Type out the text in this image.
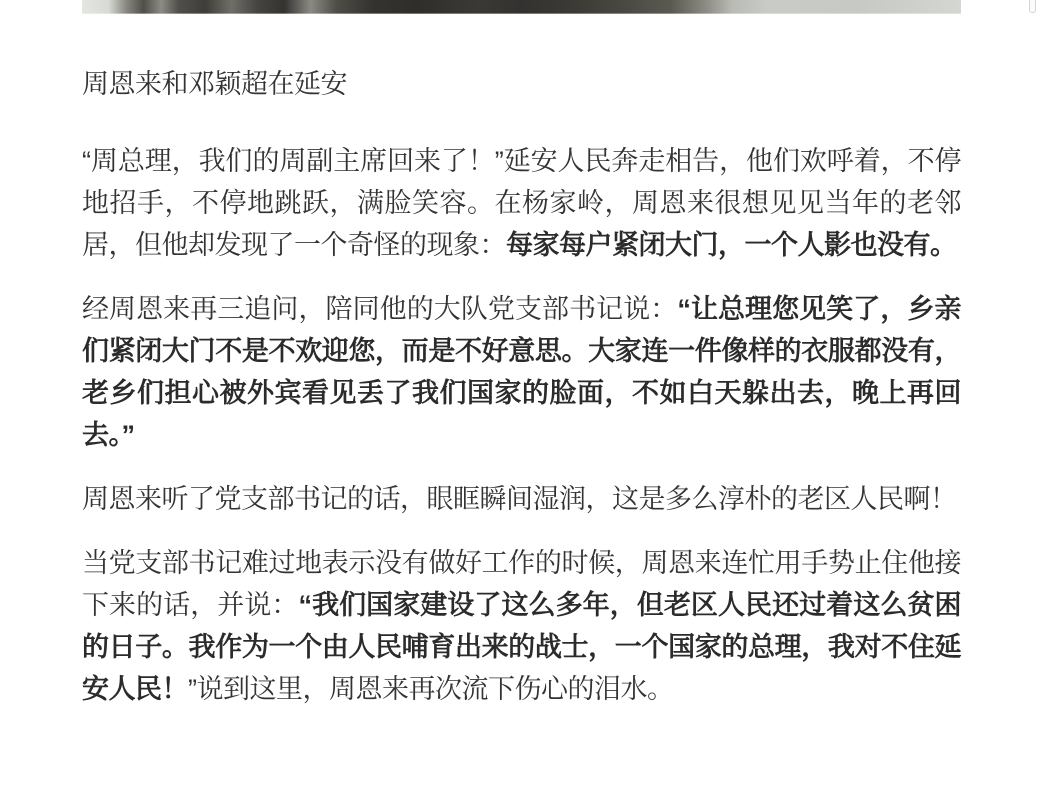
周恩来和邓颖超在延安

“周总理，我们的周副主席回来了！”延安人民奔走相告，他们欢呼着，不停地招手，不停地跳跃，满脸笑容。在杨家岭，周恩来很想见见当年的老邻居，但他却发现了一个奇怪的现象：每家每户紧闭大门，一个人影也没有。

经周恩来再三追问，陪同他的大队党支部书记说：“让总理您见笑了，乡亲们紧闭大门不是不欢迎您，而是不好意思。大家连一件像样的衣服都没有，老乡们担心被外宾看见丢了我们国家的脸面，不如白天躲出去，晚上再回去。”

周恩来听了党支部书记的话，眼眶瞬间湿润，这是多么淳朴的老区人民啊！

当党支部书记难过地表示没有做好工作的时候，周恩来连忙用手势止住他接下来的话，并说：“我们国家建设了这么多年，但老区人民还过着这么贫困的日子。我作为一个由人民哺育出来的战士，一个国家的总理，我对不住延安人民！”说到这里，周恩来再次流下伤心的泪水。
